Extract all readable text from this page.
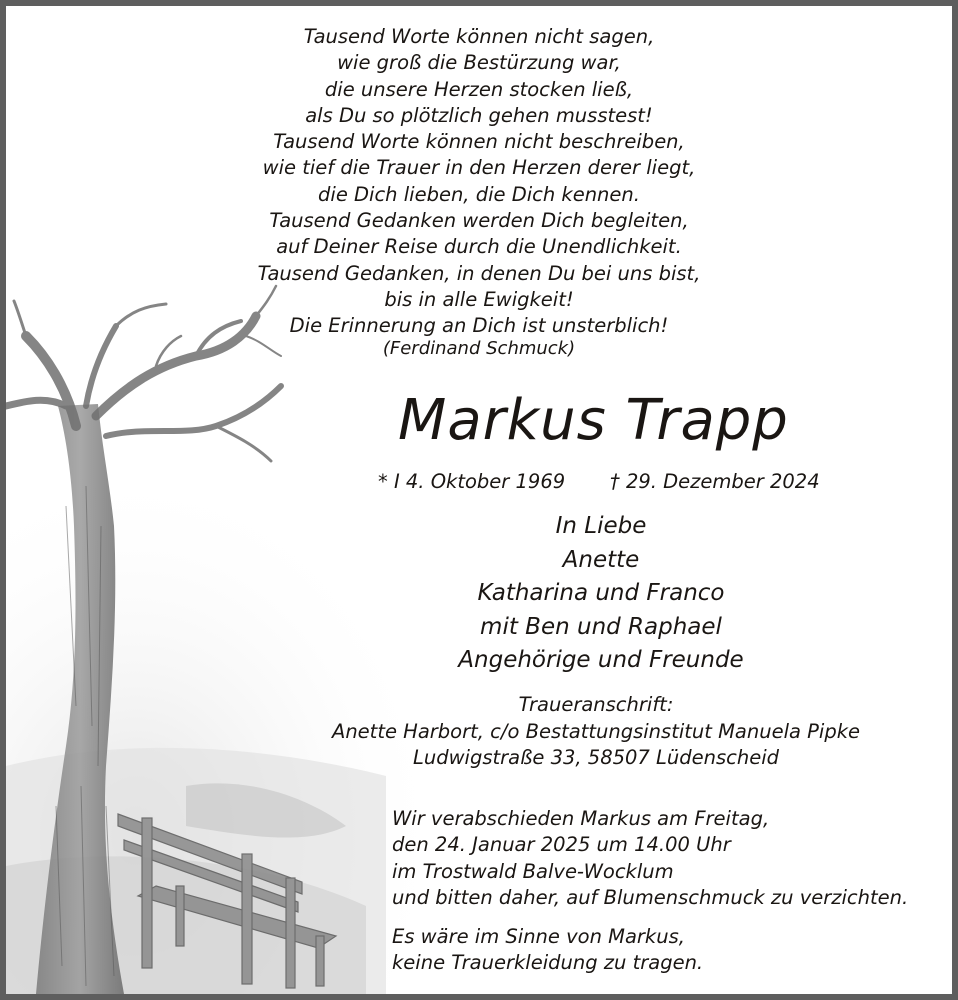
Tausend Worte können nicht sagen,
wie groß die Bestürzung war,
die unsere Herzen stocken ließ,
als Du so plötzlich gehen musstest!
Tausend Worte können nicht beschreiben,
wie tief die Trauer in den Herzen derer liegt,
die Dich lieben, die Dich kennen.
Tausend Gedanken werden Dich begleiten,
auf Deiner Reise durch die Unendlichkeit.
Tausend Gedanken, in denen Du bei uns bist,
bis in alle Ewigkeit!
Die Erinnerung an Dich ist unsterblich!
(Ferdinand Schmuck)
Markus Trapp
* I 4. Oktober 1969 † 29. Dezember 2024
In Liebe
Anette
Katharina und Franco
mit Ben und Raphael
Angehörige und Freunde
Traueranschrift:
Anette Harbort, c/o Bestattungsinstitut Manuela Pipke
Ludwigstraße 33, 58507 Lüdenscheid
Wir verabschieden Markus am Freitag,
den 24. Januar 2025 um 14.00 Uhr
im Trostwald Balve-Wocklum
und bitten daher, auf Blumenschmuck zu verzichten.
Es wäre im Sinne von Markus,
keine Trauerkleidung zu tragen.
